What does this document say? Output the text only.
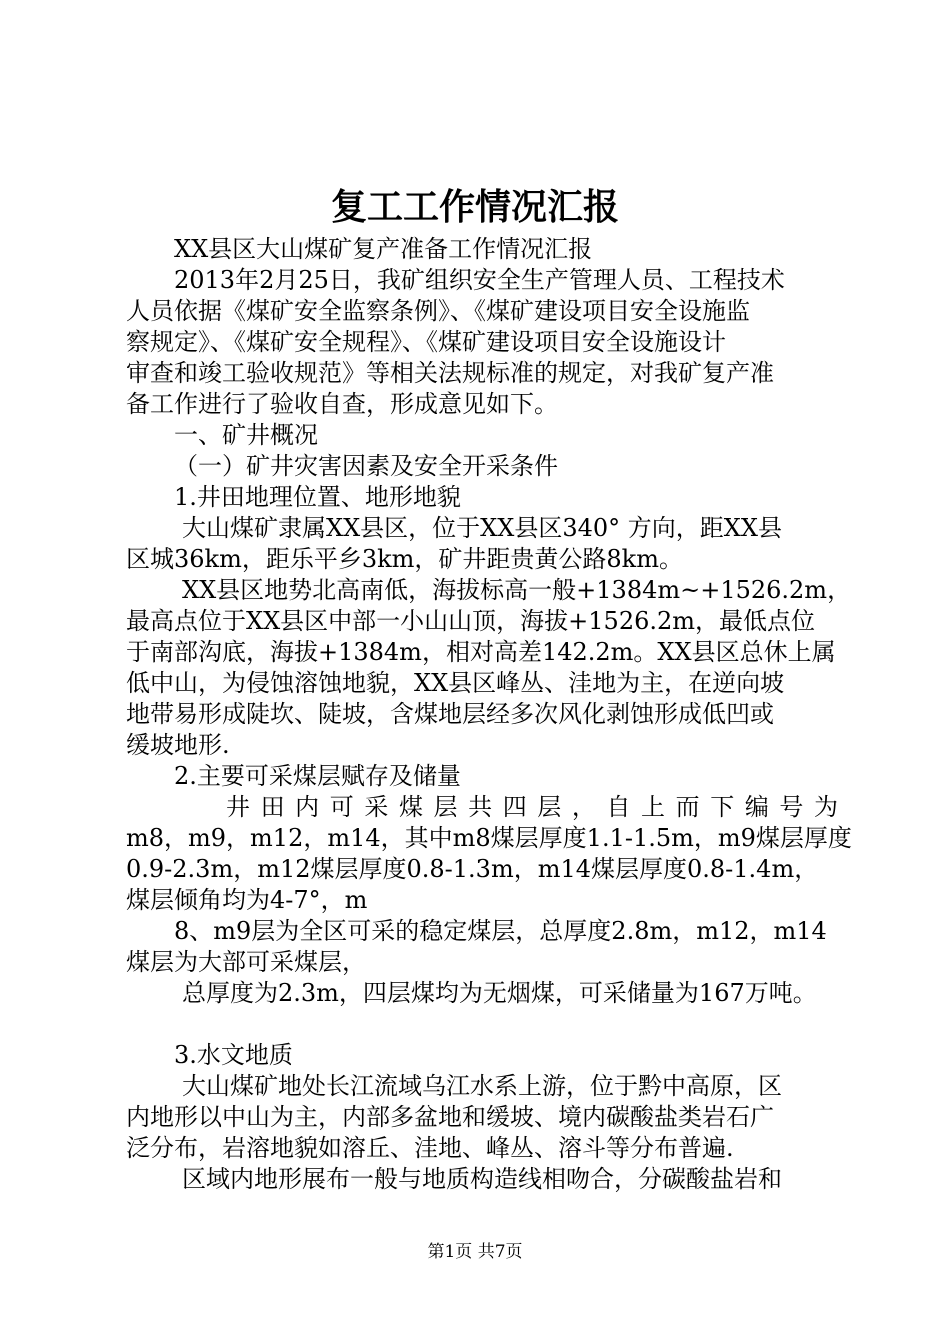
复工工作情况汇报
XX县区大山煤矿复产准备工作情况汇报
2013年2月25日，我矿组织安全生产管理人员、工程技术
人员依据《煤矿安全监察条例》、《煤矿建设项目安全设施监
察规定》、《煤矿安全规程》、《煤矿建设项目安全设施设计
审查和竣工验收规范》等相关法规标准的规定，对我矿复产准
备工作进行了验收自查，形成意见如下。
一、矿井概况
（一）矿井灾害因素及安全开采条件
1.井田地理位置、地形地貌
大山煤矿隶属XX县区，位于XX县区340° 方向，距XX县
区城36km，距乐平乡3km，矿井距贵黄公路8km。
XX县区地势北高南低，海拔标高一般+1384m~+1526.2m，
最高点位于XX县区中部一小山山顶，海拔+1526.2m，最低点位
于南部沟底，海拔+1384m，相对高差142.2m。XX县区总休上属
低中山，为侵蚀溶蚀地貌，XX县区峰丛、洼地为主，在逆向坡
地带易形成陡坎、陡坡，含煤地层经多次风化剥蚀形成低凹或
缓坡地形.
2.主要可采煤层赋存及储量
井田内可采煤层共四层，自上而下编号为
m8，m9，m12，m14，其中m8煤层厚度1.1-1.5m，m9煤层厚度
0.9-2.3m，m12煤层厚度0.8-1.3m，m14煤层厚度0.8-1.4m，
煤层倾角均为4-7°，m
8、m9层为全区可采的稳定煤层，总厚度2.8m，m12，m14
煤层为大部可采煤层，
总厚度为2.3m，四层煤均为无烟煤，可采储量为167万吨。
3.水文地质
大山煤矿地处长江流域乌江水系上游，位于黔中高原，区
内地形以中山为主，内部多盆地和缓坡、境内碳酸盐类岩石广
泛分布，岩溶地貌如溶丘、洼地、峰丛、溶斗等分布普遍.
区域内地形展布一般与地质构造线相吻合，分碳酸盐岩和
第1页 共7页
